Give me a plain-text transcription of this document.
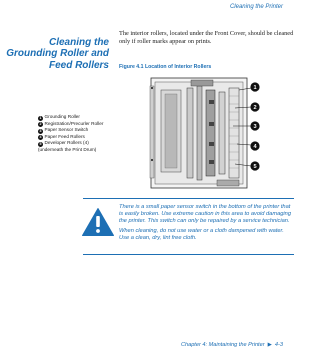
Cleaning the Printer
Cleaning the
Grounding Roller and
Feed Rollers

The interior rollers, located under the Front Cover, should be cleaned only if roller marks appear on prints.

Figure 4.1 Location of Interior Rollers
1
2
3
4
5
1 Grounding Roller
2 Registration/Precurler Roller
3 Paper Sensor Switch
4 Paper Feed Rollers
5 Developer Rollers (4)
(underneath the Print Drum)

There is a small paper sensor switch in the bottom of the printer that is easily broken. Use extreme caution in this area to avoid damaging the printer. This switch can only be repaired by a service technician.

When cleaning, do not use water or a cloth dampened with water. Use a clean, dry, lint free cloth.

Chapter 4: Maintaining the Printer ▶ 4-3
